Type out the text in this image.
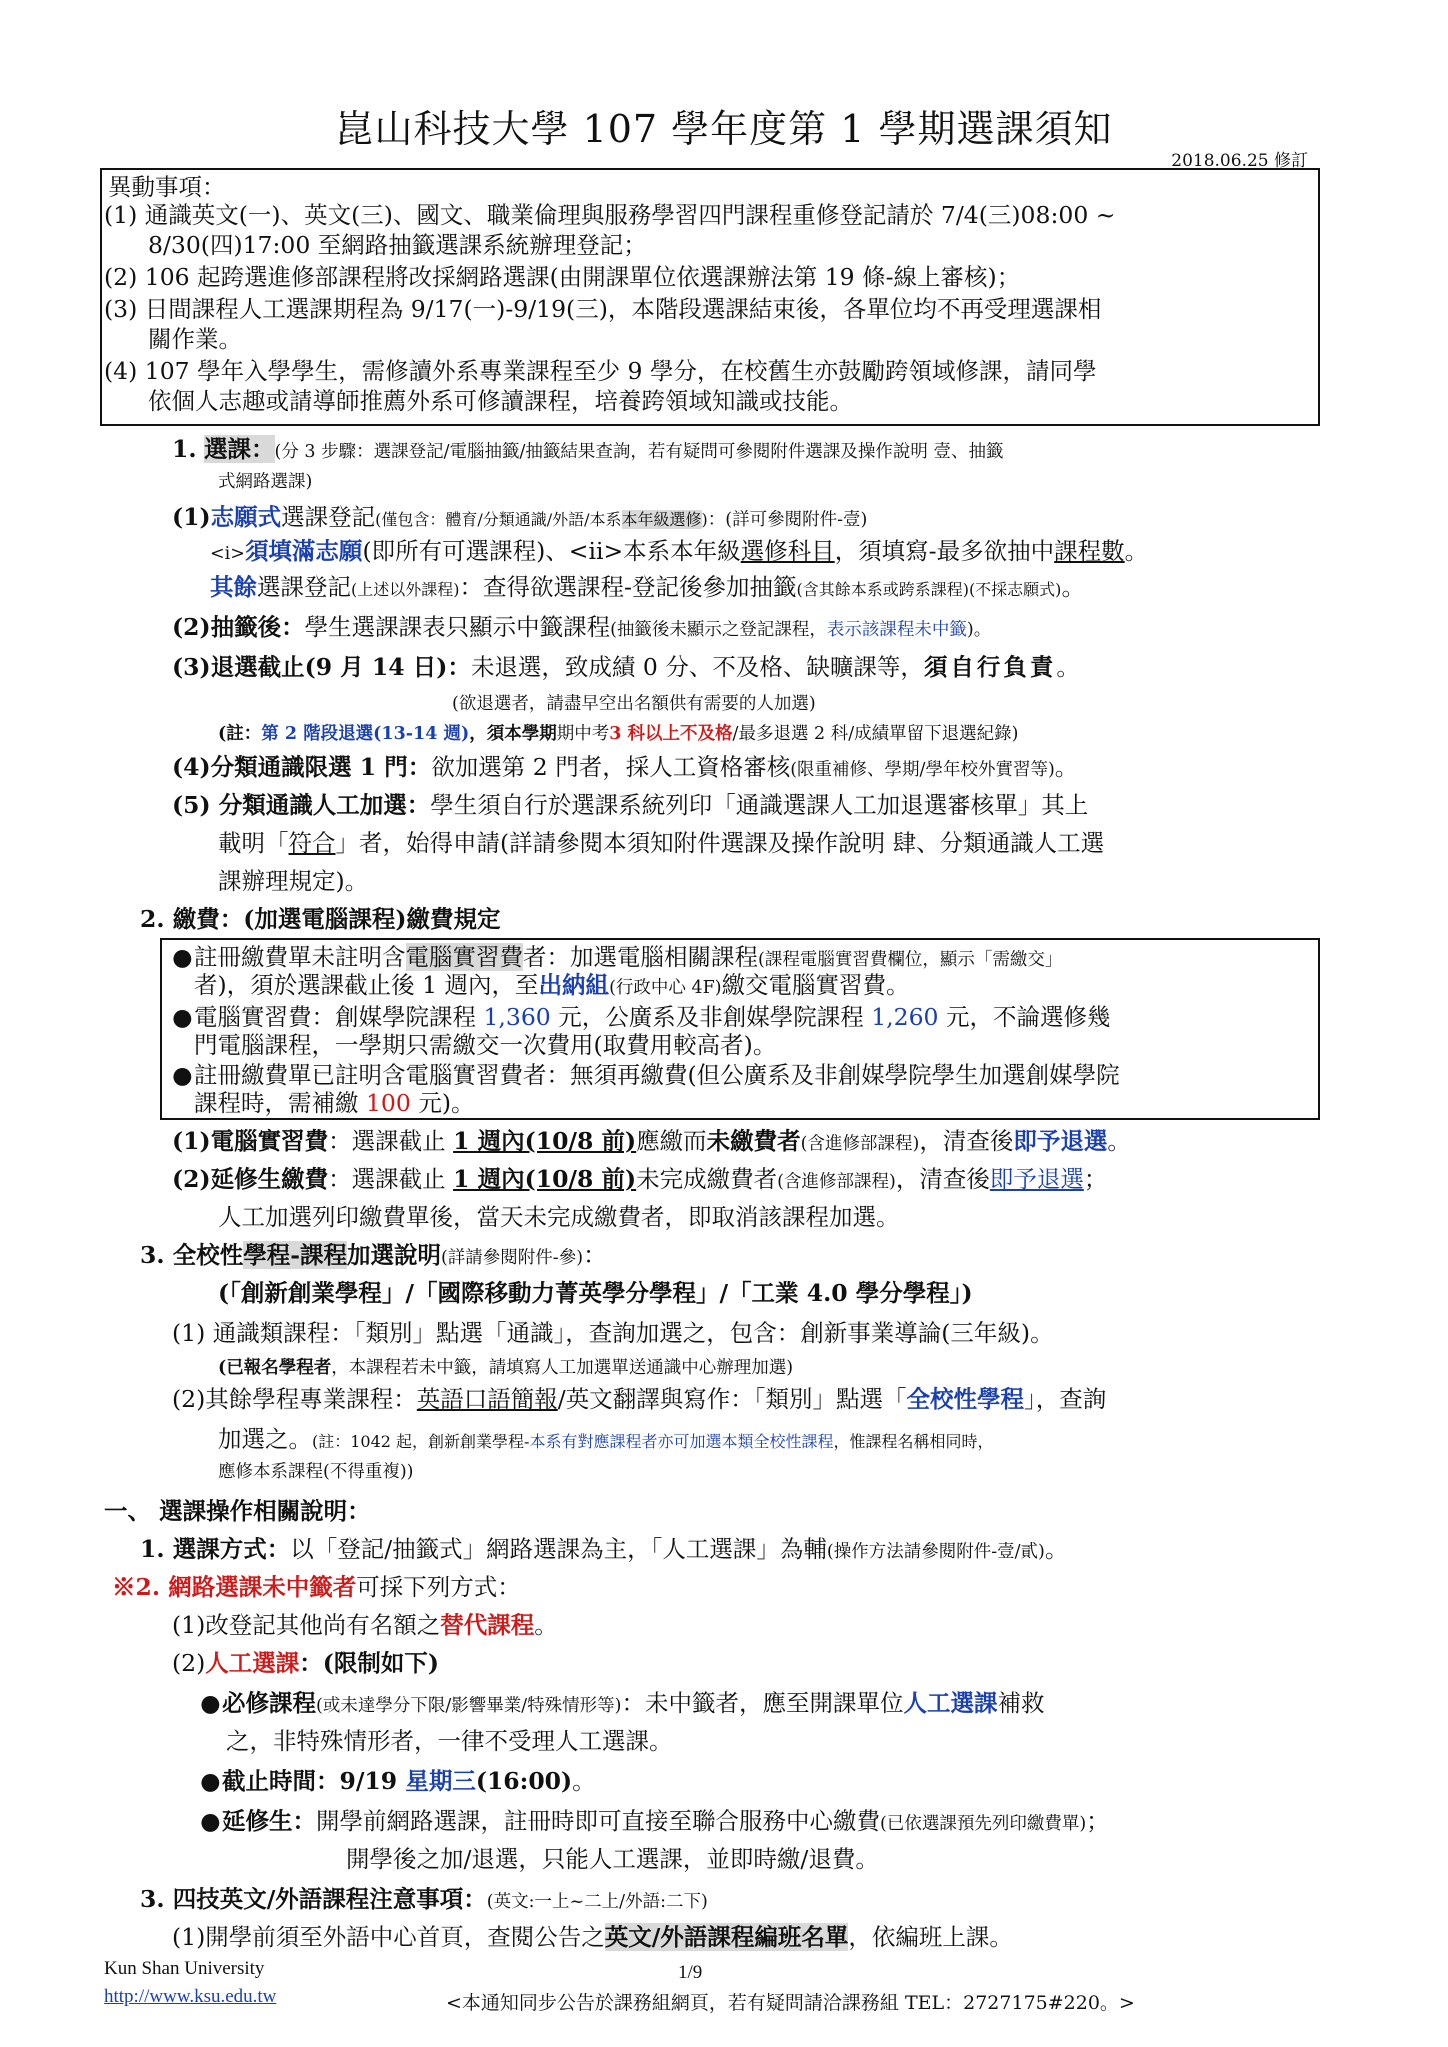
崑山科技大學 107 學年度第 1 學期選課須知
2018.06.25 修訂
異動事項：
(1) 通識英文(一)、英文(三)、國文、職業倫理與服務學習四門課程重修登記請於 7/4(三)08:00 ~
8/30(四)17:00 至網路抽籤選課系統辦理登記；
(2) 106 起跨選進修部課程將改採網路選課(由開課單位依選課辦法第 19 條-線上審核)；
(3) 日間課程人工選課期程為 9/17(一)-9/19(三)，本階段選課結束後，各單位均不再受理選課相
關作業。
(4) 107 學年入學學生，需修讀外系專業課程至少 9 學分，在校舊生亦鼓勵跨領域修課，請同學
依個人志趣或請導師推薦外系可修讀課程，培養跨領域知識或技能。
1. 選課：(分 3 步驟：選課登記/電腦抽籤/抽籤結果查詢，若有疑問可參閱附件選課及操作說明 壹、抽籤
式網路選課)
(1)志願式選課登記(僅包含：體育/分類通識/外語/本系本年級選修)：(詳可參閱附件-壹)
<i>須填滿志願(即所有可選課程)、<ii>本系本年級選修科目，須填寫-最多欲抽中課程數。
其餘選課登記(上述以外課程)：查得欲選課程-登記後參加抽籤(含其餘本系或跨系課程)(不採志願式)。
(2)抽籤後：學生選課課表只顯示中籤課程(抽籤後未顯示之登記課程，表示該課程未中籤)。
(3)退選截止(9 月 14 日)：未退選，致成績 0 分、不及格、缺曠課等，須自行負責。
(欲退選者，請盡早空出名額供有需要的人加選)
(註：第 2 階段退選(13-14 週)，須本學期期中考3 科以上不及格/最多退選 2 科/成績單留下退選紀錄)
(4)分類通識限選 1 門：欲加選第 2 門者，採人工資格審核(限重補修、學期/學年校外實習等)。
(5) 分類通識人工加選：學生須自行於選課系統列印「通識選課人工加退選審核單」其上
載明「符合」者，始得申請(詳請參閱本須知附件選課及操作說明 肆、分類通識人工選
課辦理規定)。
2. 繳費：(加選電腦課程)繳費規定
●註冊繳費單未註明含電腦實習費者：加選電腦相關課程(課程電腦實習費欄位，顯示「需繳交」
者)，須於選課截止後 1 週內，至出納組(行政中心 4F)繳交電腦實習費。
●電腦實習費：創媒學院課程 1,360 元，公廣系及非創媒學院課程 1,260 元，不論選修幾
門電腦課程，一學期只需繳交一次費用(取費用較高者)。
●註冊繳費單已註明含電腦實習費者：無須再繳費(但公廣系及非創媒學院學生加選創媒學院
課程時，需補繳 100 元)。
(1)電腦實習費：選課截止 1 週內(10/8 前)應繳而未繳費者(含進修部課程)，清查後即予退選。
(2)延修生繳費：選課截止 1 週內(10/8 前)未完成繳費者(含進修部課程)，清查後即予退選；
人工加選列印繳費單後，當天未完成繳費者，即取消該課程加選。
3. 全校性學程-課程加選說明(詳請參閱附件-參)：
(「創新創業學程」/「國際移動力菁英學分學程」/「工業 4.0 學分學程」)
(1) 通識類課程：「類別」點選「通識」，查詢加選之，包含：創新事業導論(三年級)。
(已報名學程者，本課程若未中籤，請填寫人工加選單送通識中心辦理加選)
(2)其餘學程專業課程：英語口語簡報/英文翻譯與寫作：「類別」點選「全校性學程」，查詢
加選之。(註：1042 起，創新創業學程-本系有對應課程者亦可加選本類全校性課程，惟課程名稱相同時，
應修本系課程(不得重複))
一、 選課操作相關說明：
1. 選課方式：以「登記/抽籤式」網路選課為主，「人工選課」為輔(操作方法請參閱附件-壹/貳)。
※2. 網路選課未中籤者可採下列方式：
(1)改登記其他尚有名額之替代課程。
(2)人工選課：(限制如下)
●必修課程(或未達學分下限/影響畢業/特殊情形等)：未中籤者，應至開課單位人工選課補救
之，非特殊情形者，一律不受理人工選課。
●截止時間：9/19 星期三(16:00)。
●延修生：開學前網路選課，註冊時即可直接至聯合服務中心繳費(已依選課預先列印繳費單)；
開學後之加/退選，只能人工選課，並即時繳/退費。
3. 四技英文/外語課程注意事項：(英文:一上~二上/外語:二下)
(1)開學前須至外語中心首頁，查閱公告之英文/外語課程編班名單，依編班上課。
Kun Shan University
http://www.ksu.edu.tw
1/9
<本通知同步公告於課務組網頁，若有疑問請洽課務組 TEL：2727175#220。>
